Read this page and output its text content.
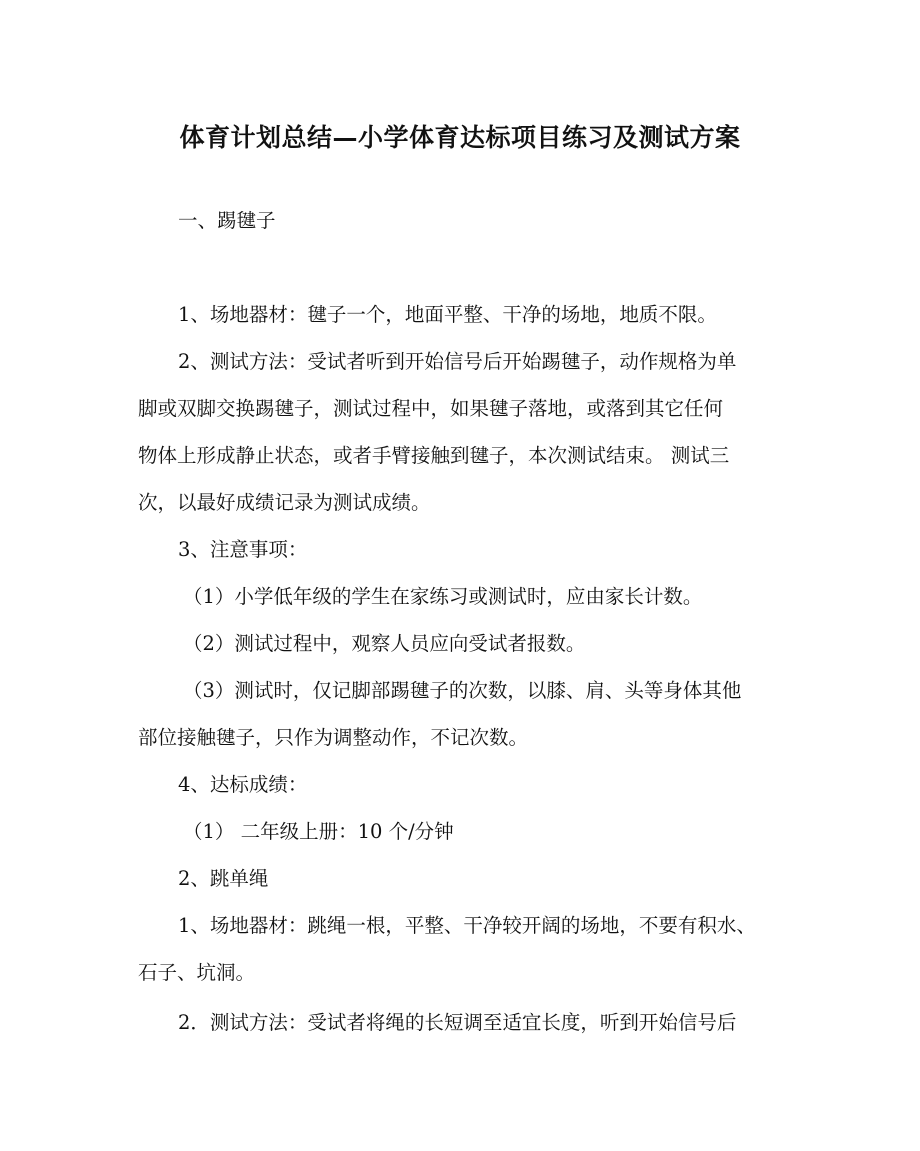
体育计划总结—小学体育达标项目练习及测试方案
一、踢毽子
1、场地器材：毽子一个，地面平整、干净的场地，地质不限。
2、测试方法：受试者听到开始信号后开始踢毽子，动作规格为单
脚或双脚交换踢毽子，测试过程中，如果毽子落地，或落到其它任何
物体上形成静止状态，或者手臂接触到毽子，本次测试结束。 测试三
次，以最好成绩记录为测试成绩。
3、注意事项：
（1）小学低年级的学生在家练习或测试时，应由家长计数。
（2）测试过程中，观察人员应向受试者报数。
（3）测试时，仅记脚部踢毽子的次数，以膝、肩、头等身体其他
部位接触毽子，只作为调整动作，不记次数。
4、达标成绩：
（1） 二年级上册：10 个/分钟
2、跳单绳
1、场地器材：跳绳一根，平整、干净较开阔的场地，不要有积水、
石子、坑洞。
2．测试方法：受试者将绳的长短调至适宜长度，听到开始信号后
